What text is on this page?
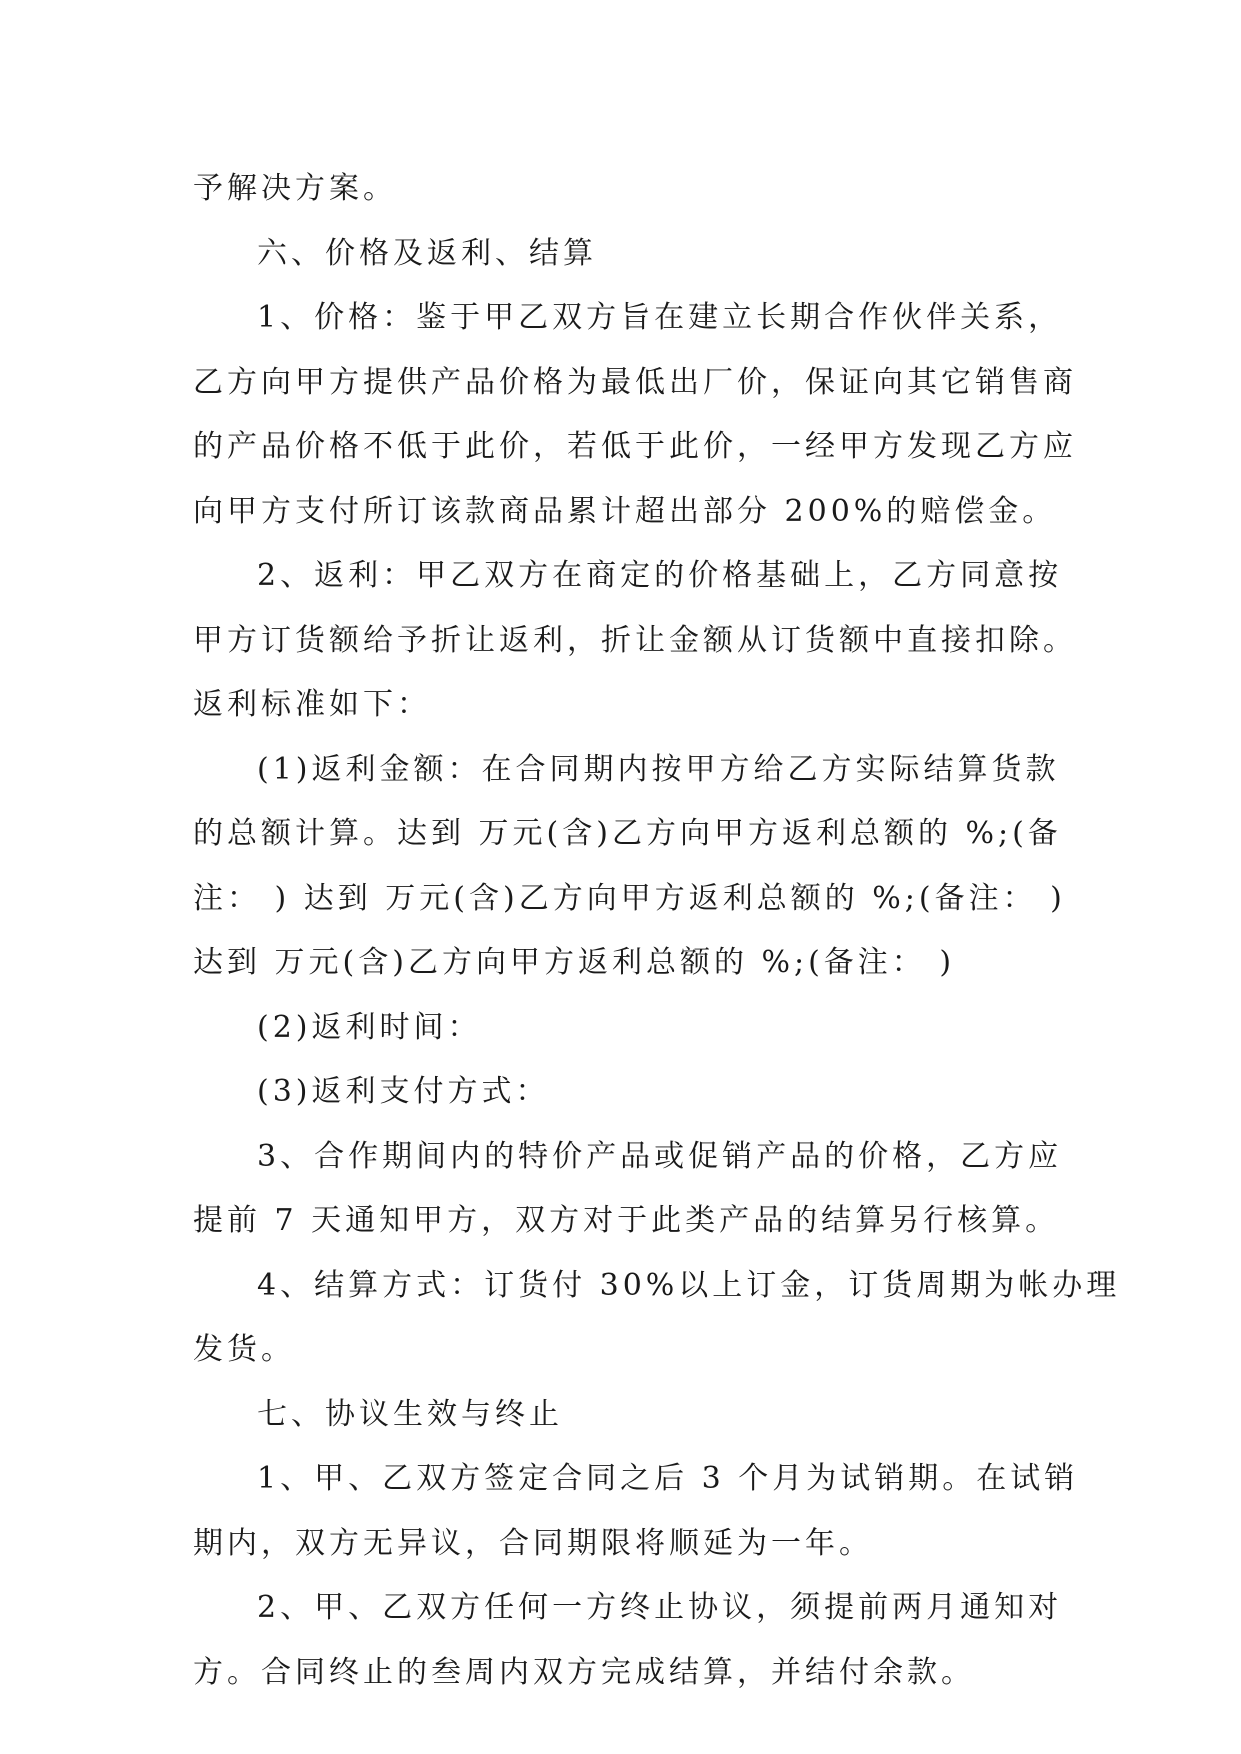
予解决方案。
六、价格及返利、结算
1、价格：鉴于甲乙双方旨在建立长期合作伙伴关系，
乙方向甲方提供产品价格为最低出厂价，保证向其它销售商
的产品价格不低于此价，若低于此价，一经甲方发现乙方应
向甲方支付所订该款商品累计超出部分 200%的赔偿金。
2、返利：甲乙双方在商定的价格基础上，乙方同意按
甲方订货额给予折让返利，折让金额从订货额中直接扣除。
返利标准如下：
(1)返利金额：在合同期内按甲方给乙方实际结算货款
的总额计算。达到 万元(含)乙方向甲方返利总额的 %;(备
注： ) 达到 万元(含)乙方向甲方返利总额的 %;(备注： )
达到 万元(含)乙方向甲方返利总额的 %;(备注： )
(2)返利时间：
(3)返利支付方式：
3、合作期间内的特价产品或促销产品的价格，乙方应
提前 7 天通知甲方，双方对于此类产品的结算另行核算。
4、结算方式：订货付 30%以上订金，订货周期为帐办理
发货。
七、协议生效与终止
1、甲、乙双方签定合同之后 3 个月为试销期。在试销
期内，双方无异议，合同期限将顺延为一年。
2、甲、乙双方任何一方终止协议，须提前两月通知对
方。合同终止的叁周内双方完成结算，并结付余款。
